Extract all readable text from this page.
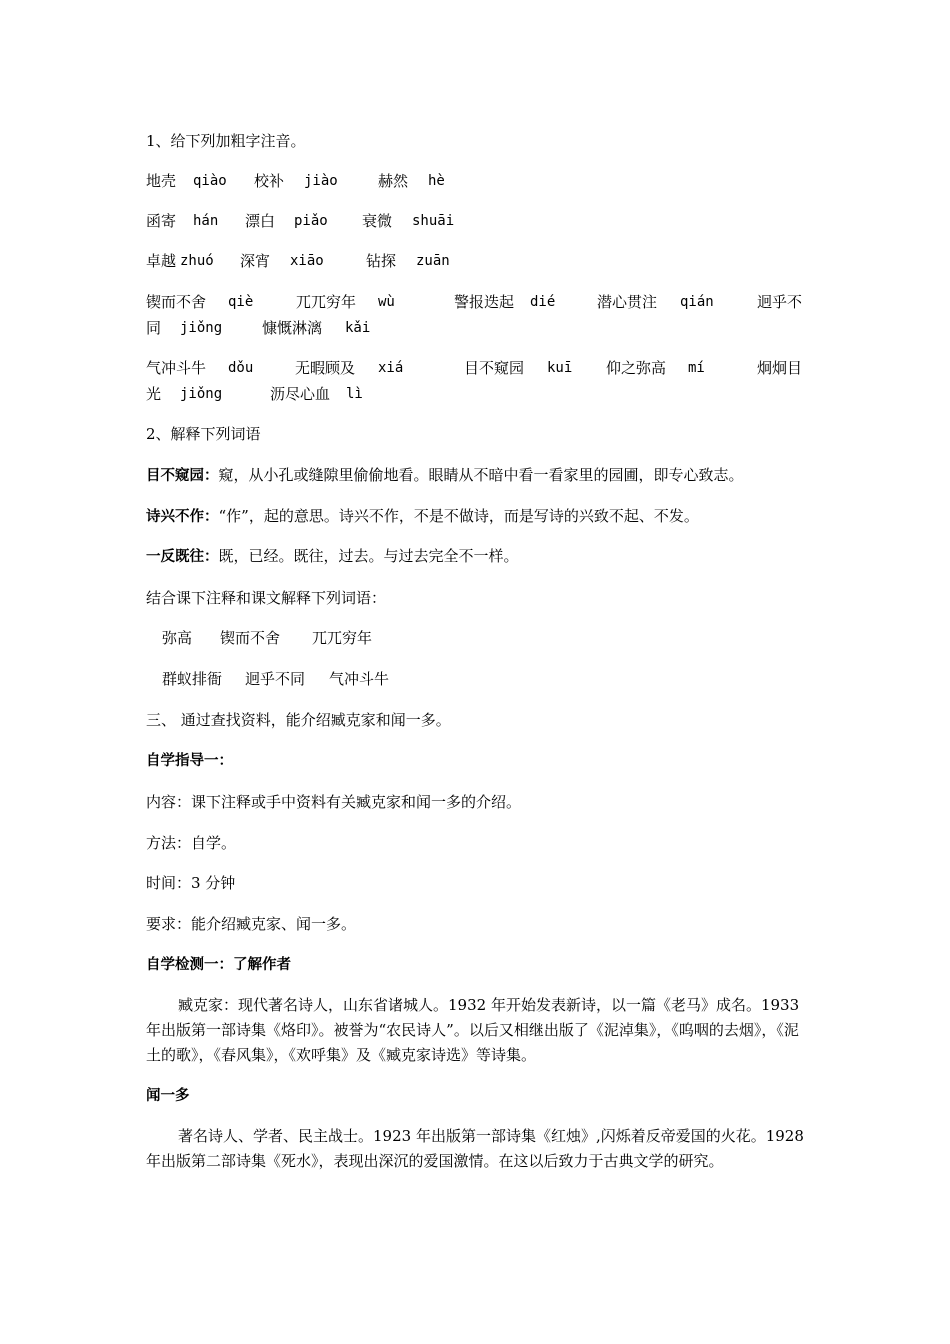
1、给下列加粗字注音。
地壳 qiào 校补 jiào	赫然 hè
函寄 hán 漂白 piǎo 衰微 shuāi
卓越 zhuó 深宵 xiāo	钻探 zuān
锲而不舍 qiè	兀兀穷年 wù	警报迭起 dié	潜心贯注 qián	迥乎不
同 jiǒng	慷慨淋漓 kǎi
气冲斗牛 dǒu	无暇顾及 xiá	目不窥园 kuī 仰之弥高 mí	炯炯目
光 jiǒng	沥尽心血 lì
2、解释下列词语
目不窥园：窥，从小孔或缝隙里偷偷地看。眼睛从不暗中看一看家里的园圃，即专心致志。
诗兴不作：“作”，起的意思。诗兴不作，不是不做诗，而是写诗的兴致不起、不发。
一反既往：既，已经。既往，过去。与过去完全不一样。
结合课下注释和课文解释下列词语：
弥高 锲而不舍 兀兀穷年
群蚁排衙 迥乎不同 气冲斗牛
三、 通过查找资料，能介绍臧克家和闻一多。
自学指导一：
内容：课下注释或手中资料有关臧克家和闻一多的介绍。
方法：自学。
时间：3 分钟
要求：能介绍臧克家、闻一多。
自学检测一：了解作者
臧克家：现代著名诗人，山东省诸城人。1932 年开始发表新诗，以一篇《老马》成名。1933 年出版第一部诗集《烙印》。被誉为“农民诗人”。以后又相继出版了《泥淖集》，《呜咽的去烟》，《泥土的歌》，《春风集》，《欢呼集》及《臧克家诗选》等诗集。
闻一多
著名诗人、学者、民主战士。1923 年出版第一部诗集《红烛》,闪烁着反帝爱国的火花。1928 年出版第二部诗集《死水》，表现出深沉的爱国激情。在这以后致力于古典文学的研究。
